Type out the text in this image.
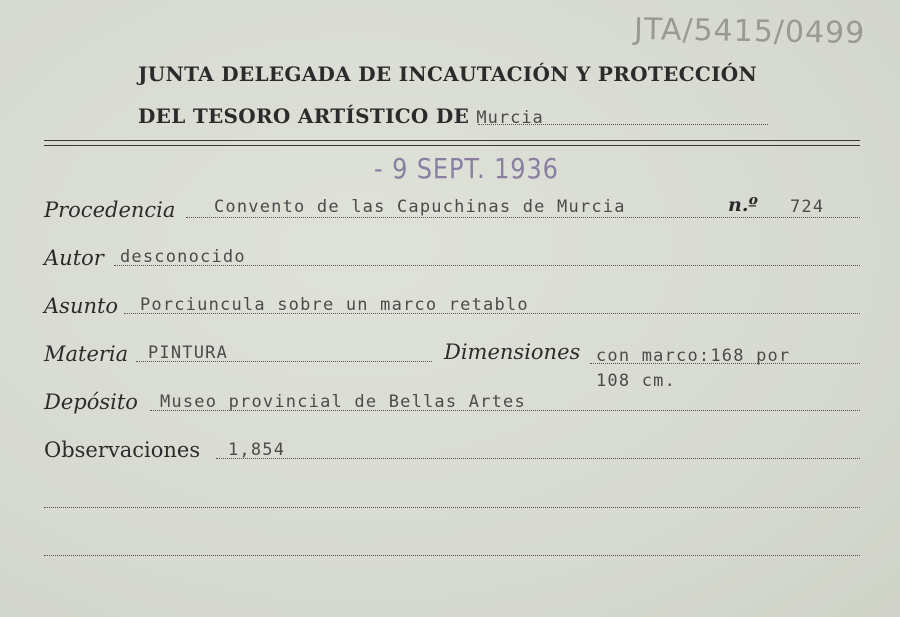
JTA/5415/0499
JUNTA DELEGADA DE INCAUTACIÓN Y PROTECCIÓN
DEL TESORO ARTÍSTICO DE Murcia
- 9 SEPT. 1936
Procedencia Convento de las Capuchinas de Murcia	n.º 724
Autor desconocido
Asunto Porciuncula sobre un marco retablo
Materia PINTURA	Dimensiones con marco:168 por
108 cm.
Depósito Museo provincial de Bellas Artes
Observaciones 1,854
